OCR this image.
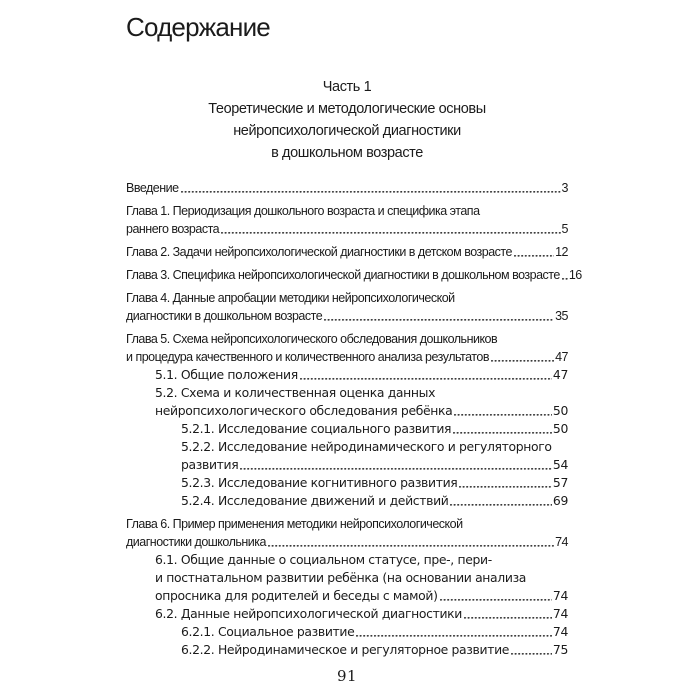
Содержание
Часть 1
Теоретические и методологические основы
нейропсихологической диагностики
в дошкольном возрасте
Введение	3
Глава 1. Периодизация дошкольного возраста и специфика этапа
раннего возраста	5
Глава 2. Задачи нейропсихологической диагностики в детском возрасте	12
Глава 3. Специфика нейропсихологической диагностики в дошкольном возрасте 16
Глава 4. Данные апробации методики нейропсихологической
диагностики в дошкольном возрасте	35
Глава 5. Схема нейропсихологического обследования дошкольников
и процедура качественного и количественного анализа результатов	47
5.1. Общие положения	47
5.2. Схема и количественная оценка данных
нейропсихологического обследования ребёнка	50
5.2.1. Исследование социального развития	50
5.2.2. Исследование нейродинамического и регуляторного
развития	54
5.2.3. Исследование когнитивного развития	57
5.2.4. Исследование движений и действий	69
Глава 6. Пример применения методики нейропсихологической
диагностики дошкольника	74
6.1. Общие данные о социальном статусе, пре-, пери-
и постнатальном развитии ребёнка (на основании анализа
опросника для родителей и беседы с мамой)	74
6.2. Данные нейропсихологической диагностики	74
6.2.1. Социальное развитие	74
6.2.2. Нейродинамическое и регуляторное развитие	75
91
